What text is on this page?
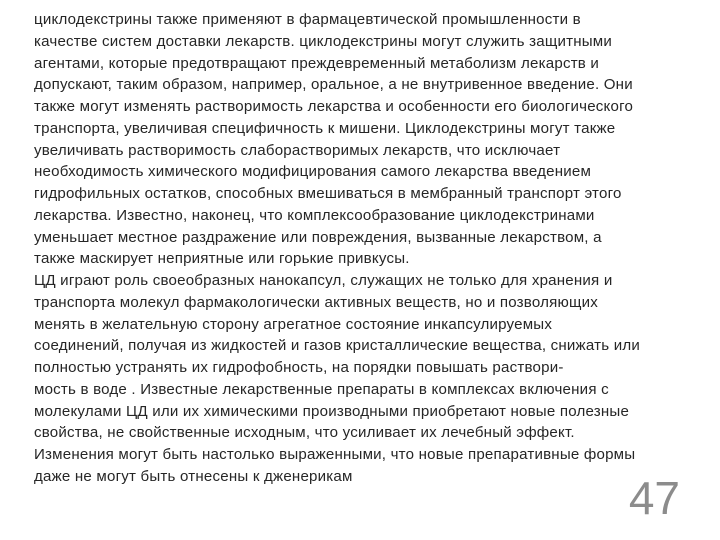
циклодекстрины также применяют в фармацевтической промышленности в
качестве систем доставки лекарств. циклодекстрины могут служить защитными
агентами, которые предотвращают преждевременный метаболизм лекарств и
допускают, таким образом, например, оральное, а не внутривенное введение. Они
также могут изменять растворимость лекарства и особенности его биологического
транспорта, увеличивая специфичность к мишени. Циклодекстрины могут также
увеличивать растворимость слаборастворимых лекарств, что исключает
необходимость химического модифицирования самого лекарства введением
гидрофильных остатков, способных вмешиваться в мембранный транспорт этого
лекарства. Известно, наконец, что комплексообразование циклодекстринами
уменьшает местное раздражение или повреждения, вызванные лекарством, а
также маскирует неприятные или горькие привкусы.
ЦД играют роль своеобразных нанокапсул, служащих не только для хранения и
транспорта молекул фармакологически активных веществ, но и позволяющих
менять в желательную сторону агрегатное состояние инкапсулируемых
соединений, получая из жидкостей и газов кристаллические вещества, снижать или
полностью устранять их гидрофобность, на порядки повышать раствори-
мость в воде . Известные лекарственные препараты в комплексах включения с
молекулами ЦД или их химическими производными приобретают новые полезные
свойства, не свойственные исходным, что усиливает их лечебный эффект.
Изменения могут быть настолько выраженными, что новые препаративные формы
даже не могут быть отнесены к дженерикам	47
